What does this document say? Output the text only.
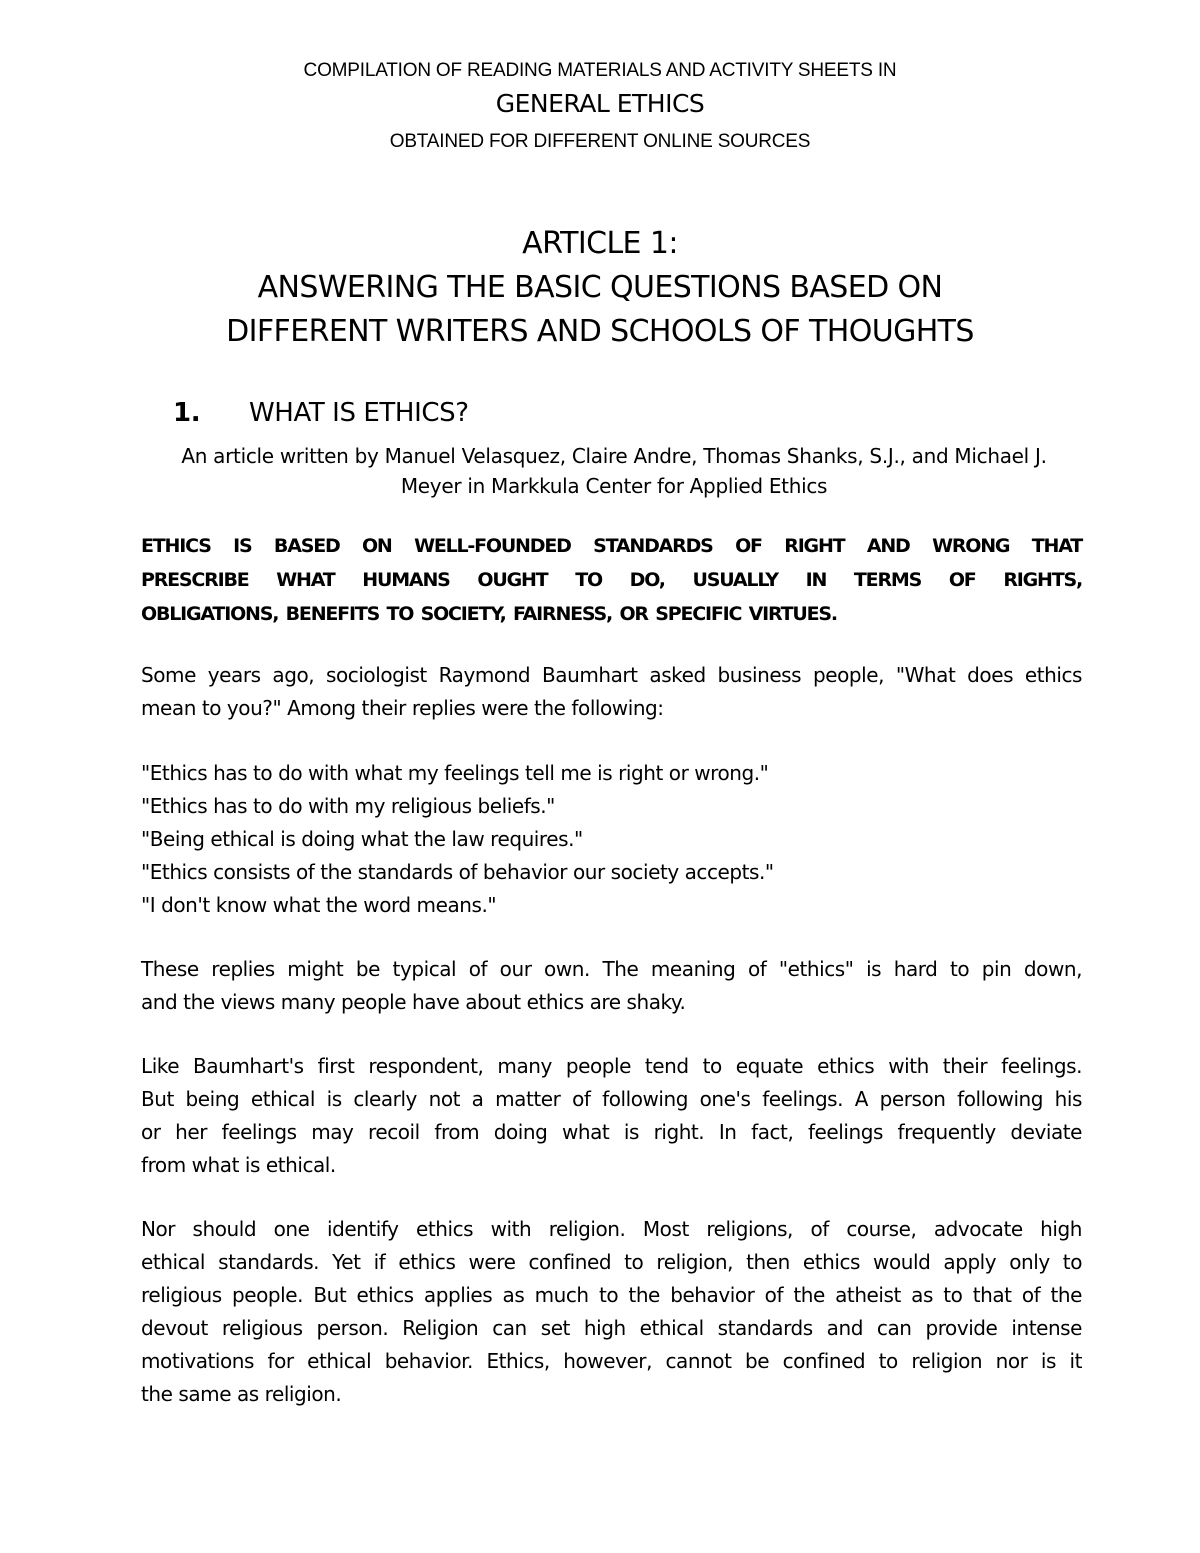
COMPILATION OF READING MATERIALS AND ACTIVITY SHEETS IN
GENERAL ETHICS
OBTAINED FOR DIFFERENT ONLINE SOURCES
ARTICLE 1:
ANSWERING THE BASIC QUESTIONS BASED ON
DIFFERENT WRITERS AND SCHOOLS OF THOUGHTS
1. WHAT IS ETHICS?
An article written by Manuel Velasquez, Claire Andre, Thomas Shanks, S.J., and Michael J.
Meyer in Markkula Center for Applied Ethics
ETHICS IS BASED ON WELL-FOUNDED STANDARDS OF RIGHT AND WRONG THAT
PRESCRIBE WHAT HUMANS OUGHT TO DO, USUALLY IN TERMS OF RIGHTS,
OBLIGATIONS, BENEFITS TO SOCIETY, FAIRNESS, OR SPECIFIC VIRTUES.
Some years ago, sociologist Raymond Baumhart asked business people, "What does ethics
mean to you?" Among their replies were the following:
"Ethics has to do with what my feelings tell me is right or wrong."
"Ethics has to do with my religious beliefs."
"Being ethical is doing what the law requires."
"Ethics consists of the standards of behavior our society accepts."
"I don't know what the word means."
These replies might be typical of our own. The meaning of "ethics" is hard to pin down,
and the views many people have about ethics are shaky.
Like Baumhart's first respondent, many people tend to equate ethics with their feelings.
But being ethical is clearly not a matter of following one's feelings. A person following his
or her feelings may recoil from doing what is right. In fact, feelings frequently deviate
from what is ethical.
Nor should one identify ethics with religion. Most religions, of course, advocate high
ethical standards. Yet if ethics were confined to religion, then ethics would apply only to
religious people. But ethics applies as much to the behavior of the atheist as to that of the
devout religious person. Religion can set high ethical standards and can provide intense
motivations for ethical behavior. Ethics, however, cannot be confined to religion nor is it
the same as religion.
